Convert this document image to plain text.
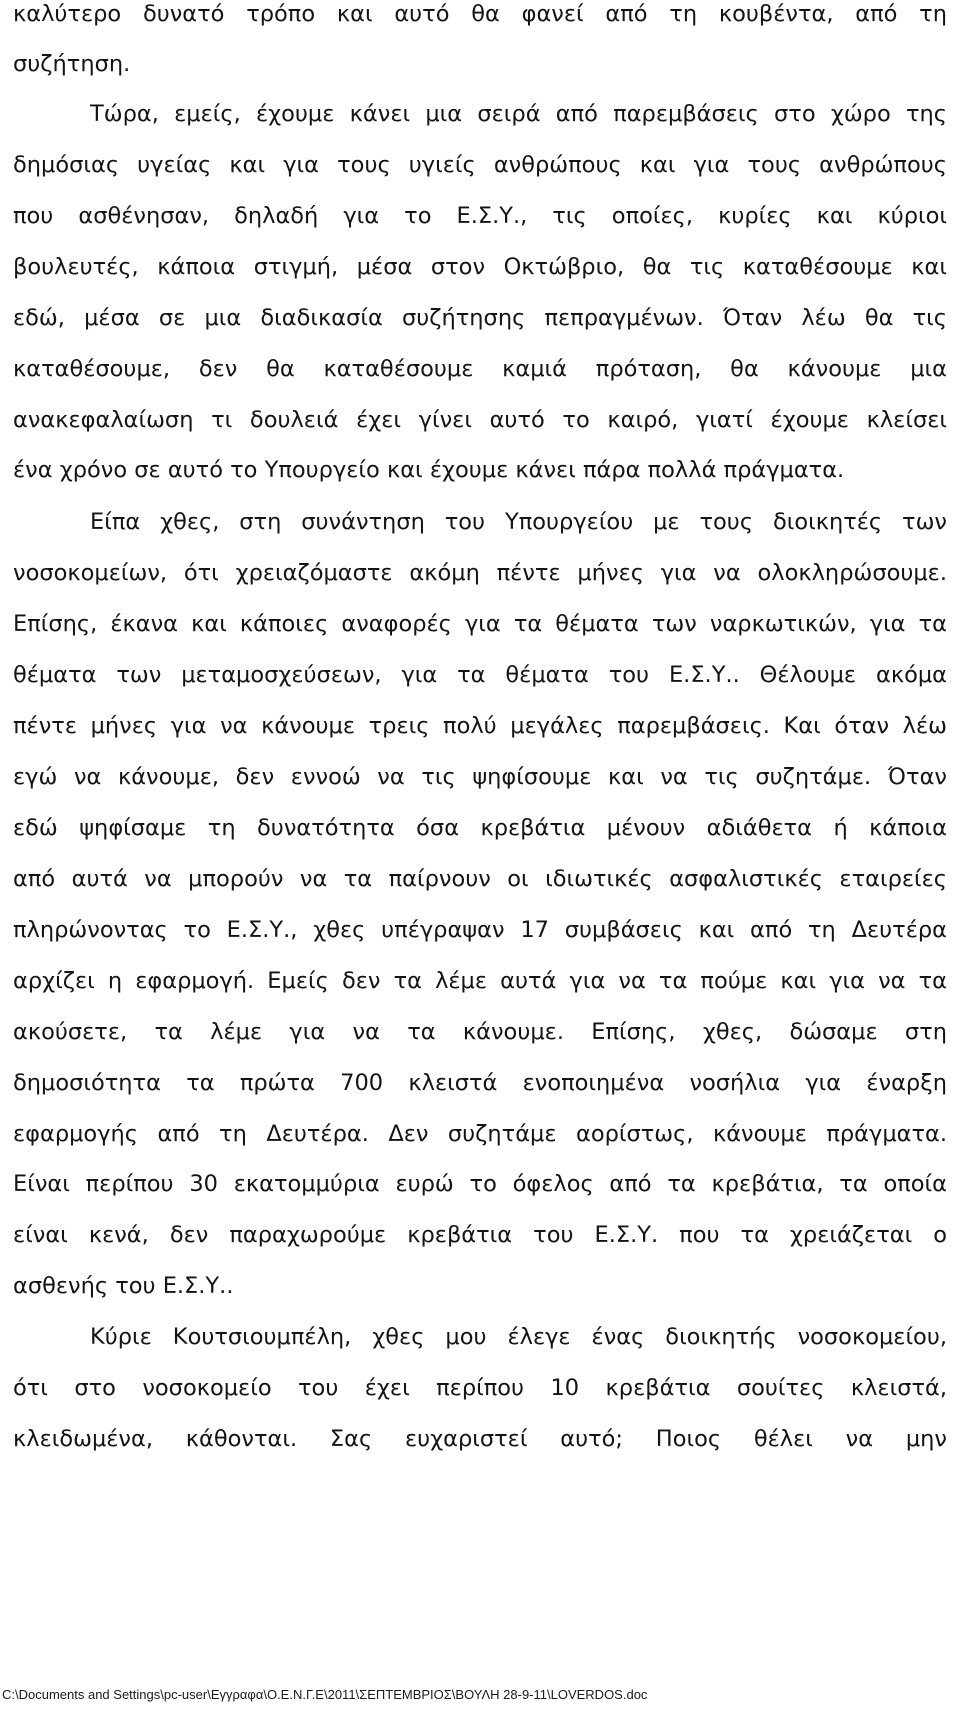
καλύτερο δυνατό τρόπο και αυτό θα φανεί από τη κουβέντα, από τη
συζήτηση.
Τώρα, εμείς, έχουμε κάνει μια σειρά από παρεμβάσεις στο χώρο της
δημόσιας υγείας και για τους υγιείς ανθρώπους και για τους ανθρώπους
που ασθένησαν, δηλαδή για το Ε.Σ.Υ., τις οποίες, κυρίες και κύριοι
βουλευτές, κάποια στιγμή, μέσα στον Οκτώβριο, θα τις καταθέσουμε και
εδώ, μέσα σε μια διαδικασία συζήτησης πεπραγμένων. Όταν λέω θα τις
καταθέσουμε, δεν θα καταθέσουμε καμιά πρόταση, θα κάνουμε μια
ανακεφαλαίωση τι δουλειά έχει γίνει αυτό το καιρό, γιατί έχουμε κλείσει
ένα χρόνο σε αυτό το Υπουργείο και έχουμε κάνει πάρα πολλά πράγματα.
Είπα χθες, στη συνάντηση του Υπουργείου με τους διοικητές των
νοσοκομείων, ότι χρειαζόμαστε ακόμη πέντε μήνες για να ολοκληρώσουμε.
Επίσης, έκανα και κάποιες αναφορές για τα θέματα των ναρκωτικών, για τα
θέματα των μεταμοσχεύσεων, για τα θέματα του Ε.Σ.Υ.. Θέλουμε ακόμα
πέντε μήνες για να κάνουμε τρεις πολύ μεγάλες παρεμβάσεις. Και όταν λέω
εγώ να κάνουμε, δεν εννοώ να τις ψηφίσουμε και να τις συζητάμε. Όταν
εδώ ψηφίσαμε τη δυνατότητα όσα κρεβάτια μένουν αδιάθετα ή κάποια
από αυτά να μπορούν να τα παίρνουν οι ιδιωτικές ασφαλιστικές εταιρείες
πληρώνοντας το Ε.Σ.Υ., χθες υπέγραψαν 17 συμβάσεις και από τη Δευτέρα
αρχίζει η εφαρμογή. Εμείς δεν τα λέμε αυτά για να τα πούμε και για να τα
ακούσετε, τα λέμε για να τα κάνουμε. Επίσης, χθες, δώσαμε στη
δημοσιότητα τα πρώτα 700 κλειστά ενοποιημένα νοσήλια για έναρξη
εφαρμογής από τη Δευτέρα. Δεν συζητάμε αορίστως, κάνουμε πράγματα.
Είναι περίπου 30 εκατομμύρια ευρώ το όφελος από τα κρεβάτια, τα οποία
είναι κενά, δεν παραχωρούμε κρεβάτια του Ε.Σ.Υ. που τα χρειάζεται ο
ασθενής του Ε.Σ.Υ..
Κύριε Κουτσιουμπέλη, χθες μου έλεγε ένας διοικητής νοσοκομείου,
ότι στο νοσοκομείο του έχει περίπου 10 κρεβάτια σουίτες κλειστά,
κλειδωμένα, κάθονται. Σας ευχαριστεί αυτό; Ποιος θέλει να μην
C:\Documents and Settings\pc-user\Εγγραφα\Ο.Ε.Ν.Γ.Ε\2011\ΣΕΠΤΕΜΒΡΙΟΣ\ΒΟΥΛΗ 28-9-11\LOVERDOS.doc
